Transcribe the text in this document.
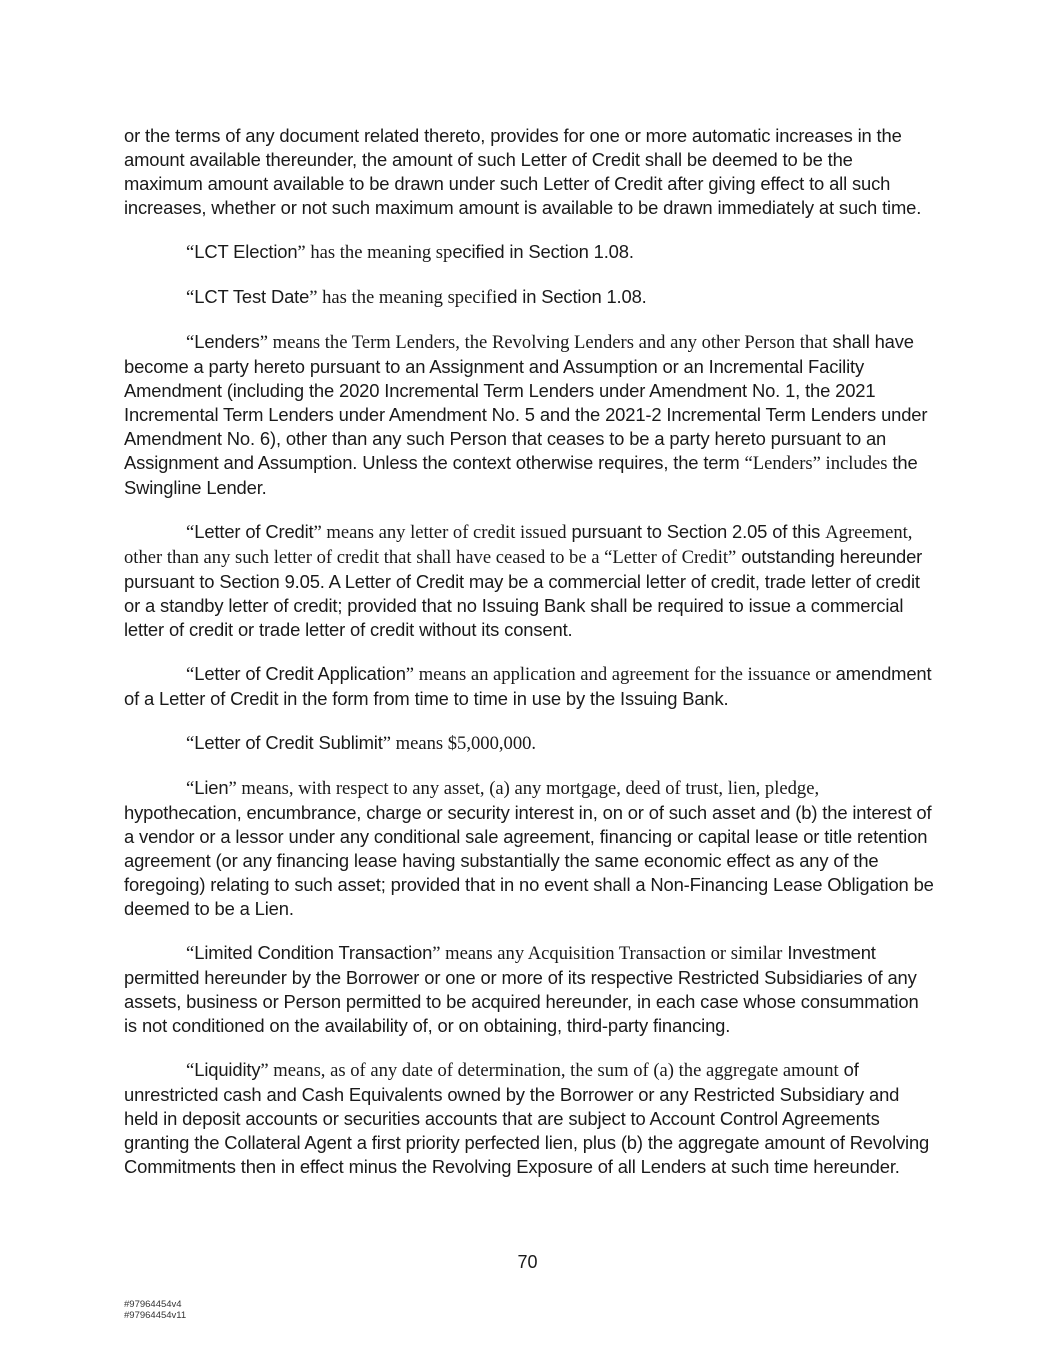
or the terms of any document related thereto, provides for one or more automatic increases in the amount available thereunder, the amount of such Letter of Credit shall be deemed to be the maximum amount available to be drawn under such Letter of Credit after giving effect to all such increases, whether or not such maximum amount is available to be drawn immediately at such time.

“LCT Election” has the meaning specified in Section 1.08.

“LCT Test Date” has the meaning specified in Section 1.08.

“Lenders” means the Term Lenders, the Revolving Lenders and any other Person that shall have become a party hereto pursuant to an Assignment and Assumption or an Incremental Facility Amendment (including the 2020 Incremental Term Lenders under Amendment No. 1, the 2021 Incremental Term Lenders under Amendment No. 5 and the 2021-2 Incremental Term Lenders under Amendment No. 6), other than any such Person that ceases to be a party hereto pursuant to an Assignment and Assumption. Unless the context otherwise requires, the term “Lenders” includes the Swingline Lender.

“Letter of Credit” means any letter of credit issued pursuant to Section 2.05 of this Agreement, other than any such letter of credit that shall have ceased to be a “Letter of Credit” outstanding hereunder pursuant to Section 9.05. A Letter of Credit may be a commercial letter of credit, trade letter of credit or a standby letter of credit; provided that no Issuing Bank shall be required to issue a commercial letter of credit or trade letter of credit without its consent.

“Letter of Credit Application” means an application and agreement for the issuance or amendment of a Letter of Credit in the form from time to time in use by the Issuing Bank.

“Letter of Credit Sublimit” means $5,000,000.

“Lien” means, with respect to any asset, (a) any mortgage, deed of trust, lien, pledge, hypothecation, encumbrance, charge or security interest in, on or of such asset and (b) the interest of a vendor or a lessor under any conditional sale agreement, financing or capital lease or title retention agreement (or any financing lease having substantially the same economic effect as any of the foregoing) relating to such asset; provided that in no event shall a Non-Financing Lease Obligation be deemed to be a Lien.

“Limited Condition Transaction” means any Acquisition Transaction or similar Investment permitted hereunder by the Borrower or one or more of its respective Restricted Subsidiaries of any assets, business or Person permitted to be acquired hereunder, in each case whose consummation is not conditioned on the availability of, or on obtaining, third-party financing.

“Liquidity” means, as of any date of determination, the sum of (a) the aggregate amount of unrestricted cash and Cash Equivalents owned by the Borrower or any Restricted Subsidiary and held in deposit accounts or securities accounts that are subject to Account Control Agreements granting the Collateral Agent a first priority perfected lien, plus (b) the aggregate amount of Revolving Commitments then in effect minus the Revolving Exposure of all Lenders at such time hereunder.

70
#97964454v4
#97964454v11
